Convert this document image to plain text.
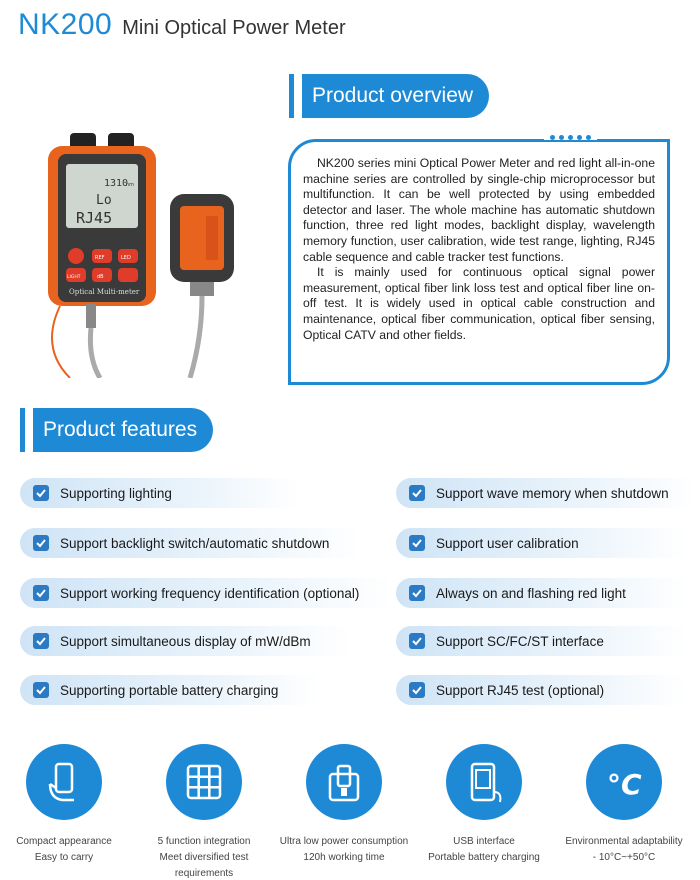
NK200 Mini Optical Power Meter
Product overview
1310
nm
Lo
RJ45
REF	LED
LIGHT	dB
Optical Multi-meter

NK200 series mini Optical Power Meter and red light all-in-one machine series are controlled by single-chip microprocessor but multifunction. It can be well protected by using embedded detector and laser. The whole machine has automatic shutdown function, three red light modes, backlight display, wavelength memory function, user calibration, wide test range, lighting, RJ45 cable sequence and cable tracker test functions.

It is mainly used for continuous optical signal power measurement, optical fiber link loss test and optical fiber line on-off test. It is widely used in optical cable construction and maintenance, optical fiber communication, optical fiber sensing, Optical CATV and other fields.

Product features
Supporting lighting
Support backlight switch/automatic shutdown
Support working frequency identification (optional)
Support simultaneous display of mW/dBm
Supporting portable battery charging
Support wave memory when shutdown
Support user calibration
Always on and flashing red light
Support SC/FC/ST interface
Support RJ45 test (optional)
°C
Compact appearance
Easy to carry
5 function integration
Meet diversified test requirements
Ultra low power consumption
120h working time
USB interface
Portable battery charging
Environmental adaptability
- 10°C~+50°C
